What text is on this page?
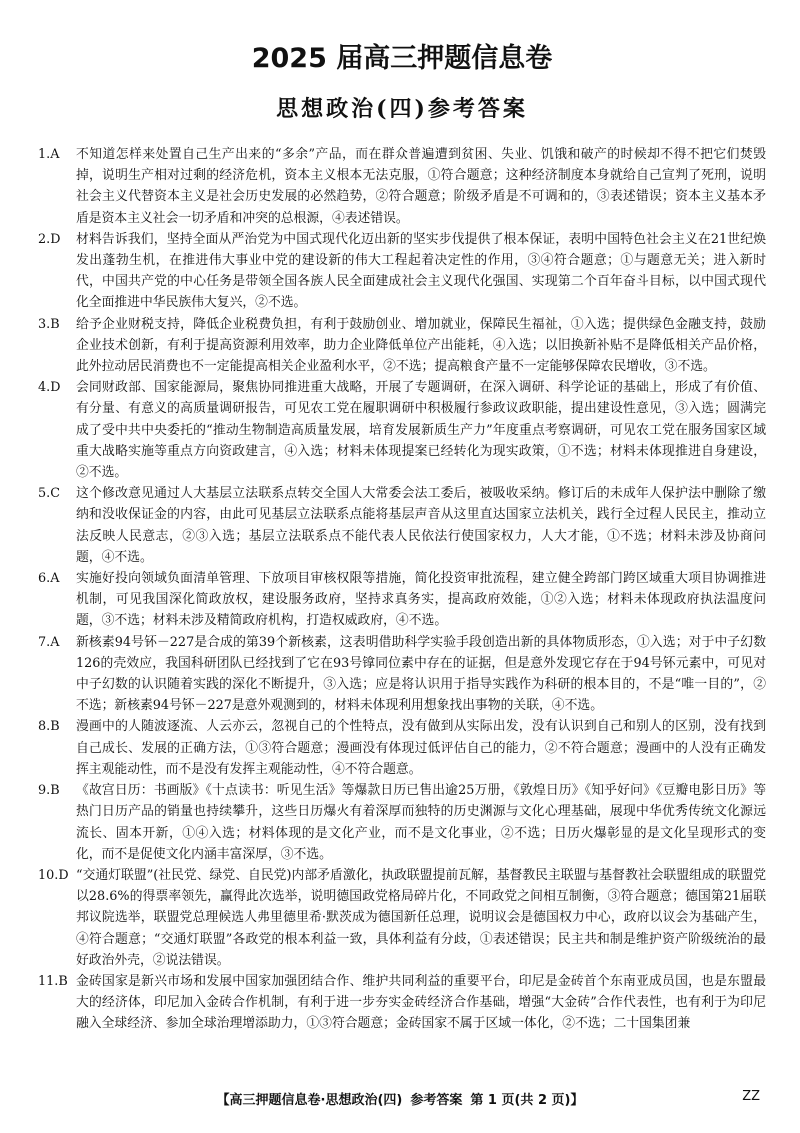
2025 届高三押题信息卷
思想政治(四)参考答案
1.A	不知道怎样来处置自己生产出来的“多余”产品，而在群众普遍遭到贫困、失业、饥饿和破产的时候却不得不把它们焚毁掉，说明生产相对过剩的经济危机，资本主义根本无法克服，①符合题意；这种经济制度本身就给自己宣判了死刑，说明社会主义代替资本主义是社会历史发展的必然趋势，②符合题意；阶级矛盾是不可调和的，③表述错误；资本主义基本矛盾是资本主义社会一切矛盾和冲突的总根源，④表述错误。
2.D	材料告诉我们，坚持全面从严治党为中国式现代化迈出新的坚实步伐提供了根本保证，表明中国特色社会主义在21世纪焕发出蓬勃生机，在推进伟大事业中党的建设新的伟大工程起着决定性的作用，③④符合题意；①与题意无关；进入新时代，中国共产党的中心任务是带领全国各族人民全面建成社会主义现代化强国、实现第二个百年奋斗目标，以中国式现代化全面推进中华民族伟大复兴，②不选。
3.B	给予企业财税支持，降低企业税费负担，有利于鼓励创业、增加就业，保障民生福祉，①入选；提供绿色金融支持，鼓励企业技术创新，有利于提高资源利用效率，助力企业降低单位产出能耗，④入选；以旧换新补贴不是降低相关产品价格，此外拉动居民消费也不一定能提高相关企业盈利水平，②不选；提高粮食产量不一定能够保障农民增收，③不选。
4.D	会同财政部、国家能源局，聚焦协同推进重大战略，开展了专题调研，在深入调研、科学论证的基础上，形成了有价值、有分量、有意义的高质量调研报告，可见农工党在履职调研中积极履行参政议政职能，提出建设性意见，③入选；圆满完成了受中共中央委托的“推动生物制造高质量发展，培育发展新质生产力”年度重点考察调研，可见农工党在服务国家区域重大战略实施等重点方向资政建言，④入选；材料未体现提案已经转化为现实政策，①不选；材料未体现推进自身建设，②不选。
5.C	这个修改意见通过人大基层立法联系点转交全国人大常委会法工委后，被吸收采纳。修订后的未成年人保护法中删除了缴纳和没收保证金的内容，由此可见基层立法联系点能将基层声音从这里直达国家立法机关，践行全过程人民民主，推动立法反映人民意志，②③入选；基层立法联系点不能代表人民依法行使国家权力，人大才能，①不选；材料未涉及协商问题，④不选。
6.A	实施好投向领域负面清单管理、下放项目审核权限等措施，简化投资审批流程，建立健全跨部门跨区域重大项目协调推进机制，可见我国深化简政放权，建设服务政府，坚持求真务实，提高政府效能，①②入选；材料未体现政府执法温度问题，③不选；材料未涉及精简政府机构，打造权威政府，④不选。
7.A	新核素94号钚－227是合成的第39个新核素，这表明借助科学实验手段创造出新的具体物质形态，①入选；对于中子幻数126的壳效应，我国科研团队已经找到了它在93号镎同位素中存在的证据，但是意外发现它存在于94号钚元素中，可见对中子幻数的认识随着实践的深化不断提升，③入选；应是将认识用于指导实践作为科研的根本目的，不是“唯一目的”，②不选；新核素94号钚－227是意外观测到的，材料未体现利用想象找出事物的关联，④不选。
8.B	漫画中的人随波逐流、人云亦云，忽视自己的个性特点，没有做到从实际出发，没有认识到自己和别人的区别，没有找到自己成长、发展的正确方法，①③符合题意；漫画没有体现过低评估自己的能力，②不符合题意；漫画中的人没有正确发挥主观能动性，而不是没有发挥主观能动性，④不符合题意。
9.B	《故宫日历：书画版》《十点读书：听见生活》等爆款日历已售出逾25万册，《敦煌日历》《知乎好问》《豆瓣电影日历》等热门日历产品的销量也持续攀升，这些日历爆火有着深厚而独特的历史渊源与文化心理基础，展现中华优秀传统文化源远流长、固本开新，①④入选；材料体现的是文化产业，而不是文化事业，②不选；日历火爆彰显的是文化呈现形式的变化，而不是促使文化内涵丰富深厚，③不选。
10.D “交通灯联盟”(社民党、绿党、自民党)内部矛盾激化，执政联盟提前瓦解，基督教民主联盟与基督教社会联盟组成的联盟党以28.6%的得票率领先，赢得此次选举，说明德国政党格局碎片化，不同政党之间相互制衡，③符合题意；德国第21届联邦议院选举，联盟党总理候选人弗里德里希·默茨成为德国新任总理，说明议会是德国权力中心，政府以议会为基础产生，④符合题意；“交通灯联盟”各政党的根本利益一致，具体利益有分歧，①表述错误；民主共和制是维护资产阶级统治的最好政治外壳，②说法错误。
11.B 金砖国家是新兴市场和发展中国家加强团结合作、维护共同利益的重要平台，印尼是金砖首个东南亚成员国，也是东盟最大的经济体，印尼加入金砖合作机制，有利于进一步夯实金砖经济合作基础，增强“大金砖”合作代表性，也有利于为印尼融入全球经济、参加全球治理增添助力，①③符合题意；金砖国家不属于区域一体化，②不选；二十国集团兼
【高三押题信息卷·思想政治(四) 参考答案 第 1 页(共 2 页)】	ZZ
